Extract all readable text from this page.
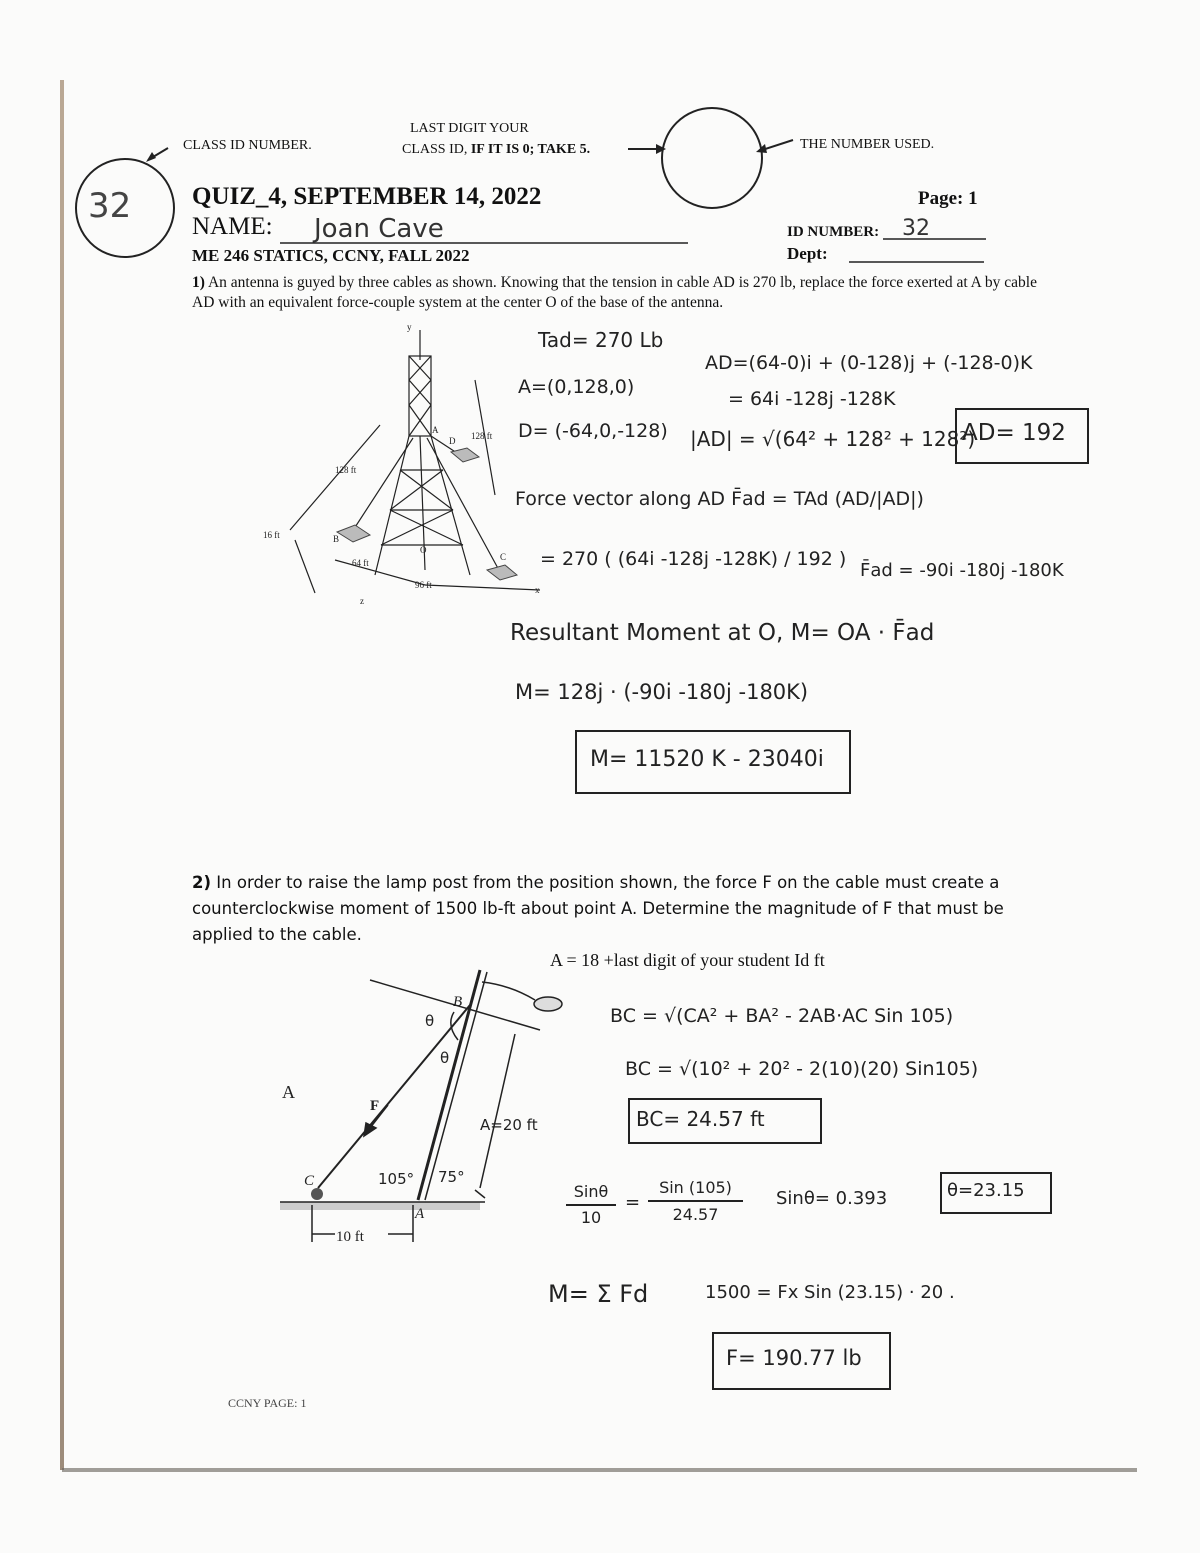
CLASS ID NUMBER.
LAST DIGIT YOUR
CLASS ID, IF IT IS 0; TAKE 5.	THE NUMBER USED.
32 QUIZ_4, SEPTEMBER 14, 2022	Page: 1
NAME: Joan Cave	ID NUMBER: 32
ME 246 STATICS, CCNY, FALL 2022	Dept:
1) An antenna is guyed by three cables as shown. Knowing that the tension in cable AD is 270 lb, replace the force exerted at A by cable AD with an equivalent force-couple system at the center O of the base of the antenna.
y
A
D 128 ft
128 ft
B
O
C
x
z
16 ft
64 ft
96 ft
Tad= 270 Lb
A=(0,128,0)
D= (-64,0,-128)
AD=(64-0)i + (0-128)j + (-128-0)K
= 64i -128j -128K
|AD| = √(64² + 128² + 128²)
AD= 192
Force vector along AD F̄ad = TAd (AD/|AD|)
= 270 ( (64i -128j -128K) / 192 )
F̄ad = -90i -180j -180K
Resultant Moment at O, M= OA · F̄ad
M= 128j · (-90i -180j -180K)
M= 11520 K - 23040i
2) In order to raise the lamp post from the position shown, the force F on the cable must create a counterclockwise moment of 1500 lb-ft about point A. Determine the magnitude of F that must be applied to the cable.
A = 18 +last digit of your student Id ft
A
F
C
B
A
10 ft
θ
θ
105° 75°
A=20 ft
BC = √(CA² + BA² - 2AB·AC Sin 105)
BC = √(10² + 20² - 2(10)(20) Sin105)
BC= 24.57 ft
Sinθ
10
=
Sin (105)
24.57
Sinθ= 0.393	θ=23.15
M= Σ Fd	1500 = Fx Sin (23.15) · 20 .
F= 190.77 lb
CCNY PAGE: 1
